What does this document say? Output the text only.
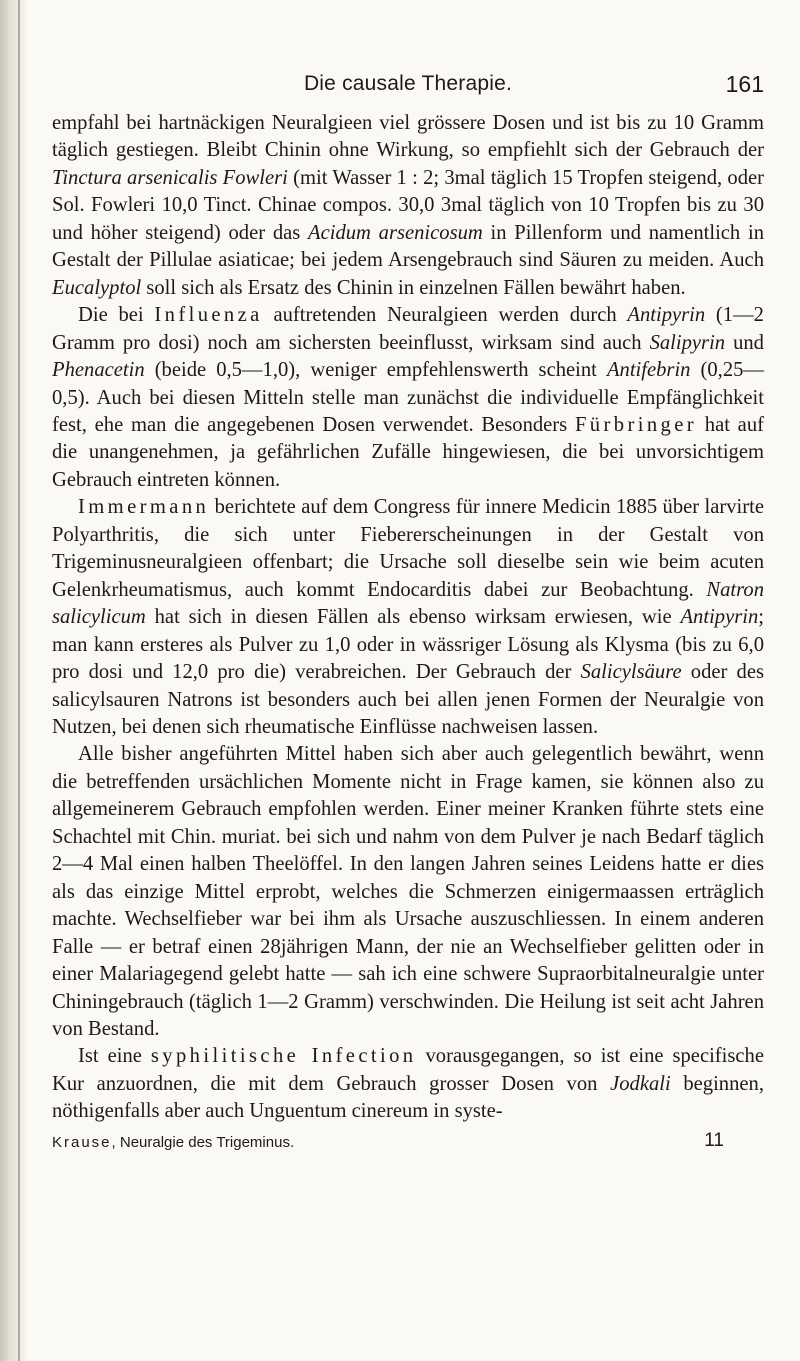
Die causale Therapie.	161

empfahl bei hartnäckigen Neuralgieen viel grössere Dosen und ist bis zu 10 Gramm täglich gestiegen. Bleibt Chinin ohne Wirkung, so empfiehlt sich der Gebrauch der Tinctura arsenicalis Fowleri (mit Wasser 1 : 2; 3mal täglich 15 Tropfen steigend, oder Sol. Fowleri 10,0 Tinct. Chinae compos. 30,0 3mal täglich von 10 Tropfen bis zu 30 und höher steigend) oder das Acidum arsenicosum in Pillenform und namentlich in Gestalt der Pillulae asiaticae; bei jedem Arsengebrauch sind Säuren zu meiden. Auch Eucalyptol soll sich als Ersatz des Chinin in einzelnen Fällen bewährt haben.

Die bei Influenza auftretenden Neuralgieen werden durch Antipyrin (1—2 Gramm pro dosi) noch am sichersten beeinflusst, wirksam sind auch Salipyrin und Phenacetin (beide 0,5—1,0), weniger empfehlenswerth scheint Antifebrin (0,25—0,5). Auch bei diesen Mitteln stelle man zunächst die individuelle Empfänglichkeit fest, ehe man die angegebenen Dosen verwendet. Besonders Fürbringer hat auf die unangenehmen, ja gefährlichen Zufälle hingewiesen, die bei unvorsichtigem Gebrauch eintreten können.

Immermann berichtete auf dem Congress für innere Medicin 1885 über larvirte Polyarthritis, die sich unter Fiebererscheinungen in der Gestalt von Trigeminusneuralgieen offenbart; die Ursache soll dieselbe sein wie beim acuten Gelenkrheumatismus, auch kommt Endocarditis dabei zur Beobachtung. Natron salicylicum hat sich in diesen Fällen als ebenso wirksam erwiesen, wie Antipyrin; man kann ersteres als Pulver zu 1,0 oder in wässriger Lösung als Klysma (bis zu 6,0 pro dosi und 12,0 pro die) verabreichen. Der Gebrauch der Salicylsäure oder des salicylsauren Natrons ist besonders auch bei allen jenen Formen der Neuralgie von Nutzen, bei denen sich rheumatische Einflüsse nachweisen lassen.

Alle bisher angeführten Mittel haben sich aber auch gelegentlich bewährt, wenn die betreffenden ursächlichen Momente nicht in Frage kamen, sie können also zu allgemeinerem Gebrauch empfohlen werden. Einer meiner Kranken führte stets eine Schachtel mit Chin. muriat. bei sich und nahm von dem Pulver je nach Bedarf täglich 2—4 Mal einen halben Theelöffel. In den langen Jahren seines Leidens hatte er dies als das einzige Mittel erprobt, welches die Schmerzen einigermaassen erträglich machte. Wechselfieber war bei ihm als Ursache auszuschliessen. In einem anderen Falle — er betraf einen 28jährigen Mann, der nie an Wechselfieber gelitten oder in einer Malariagegend gelebt hatte — sah ich eine schwere Supraorbitalneuralgie unter Chiningebrauch (täglich 1—2 Gramm) verschwinden. Die Heilung ist seit acht Jahren von Bestand.

Ist eine syphilitische Infection vorausgegangen, so ist eine specifische Kur anzuordnen, die mit dem Gebrauch grosser Dosen von Jodkali beginnen, nöthigenfalls aber auch Unguentum cinereum in syste-

Krause, Neuralgie des Trigeminus.	11
